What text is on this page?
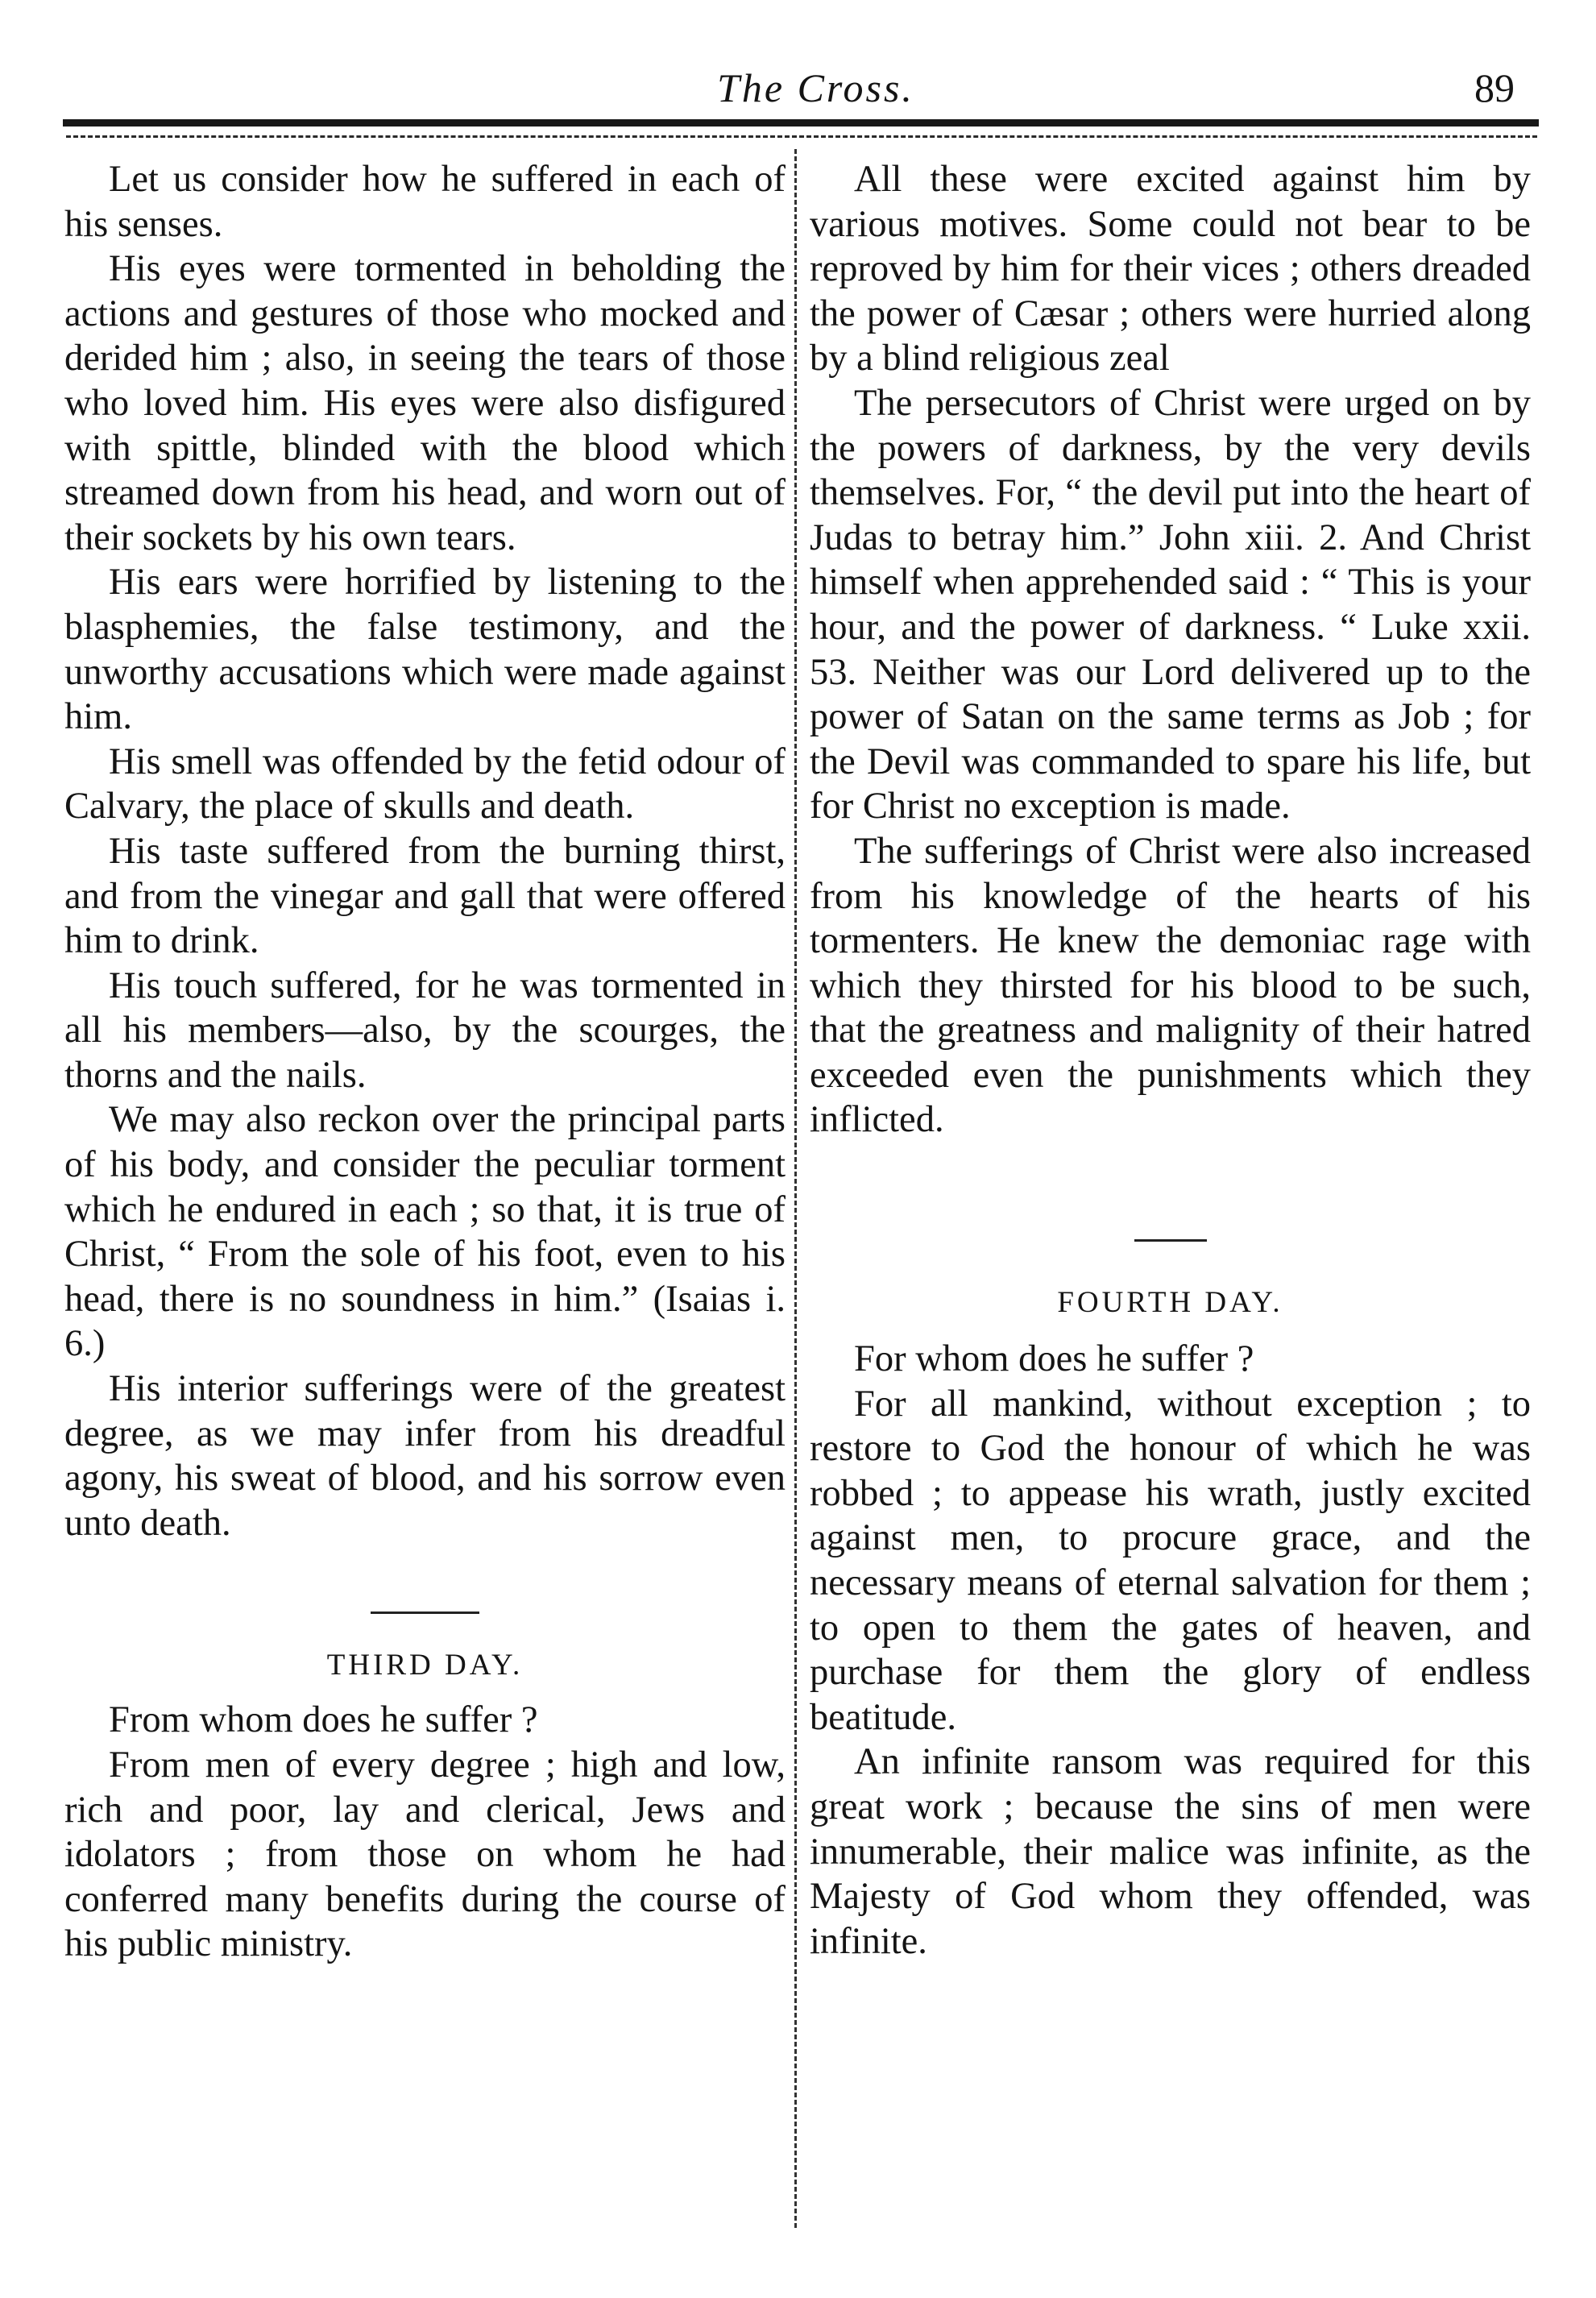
The Cross.	89

Let us consider how he suffered in each of his senses.

His eyes were tormented in beholding the actions and gestures of those who mocked and derided him ; also, in seeing the tears of those who loved him. His eyes were also disfigured with spittle, blinded with the blood which streamed down from his head, and worn out of their sockets by his own tears.

His ears were horrified by listening to the blasphemies, the false testimony, and the unworthy accusations which were made against him.

His smell was offended by the fetid odour of Calvary, the place of skulls and death.

His taste suffered from the burning thirst, and from the vinegar and gall that were offered him to drink.

His touch suffered, for he was tormented in all his members—also, by the scourges, the thorns and the nails.

We may also reckon over the principal parts of his body, and consider the peculiar torment which he endured in each ; so that, it is true of Christ, “ From the sole of his foot, even to his head, there is no soundness in him.” (Isaias i. 6.)

His interior sufferings were of the greatest degree, as we may infer from his dreadful agony, his sweat of blood, and his sorrow even unto death.

THIRD DAY.

From whom does he suffer ?

From men of every degree ; high and low, rich and poor, lay and clerical, Jews and idolators ; from those on whom he had conferred many benefits during the course of his public ministry.

All these were excited against him by various motives. Some could not bear to be reproved by him for their vices ; others dreaded the power of Cæsar ; others were hurried along by a blind religious zeal

The persecutors of Christ were urged on by the powers of darkness, by the very devils themselves. For, “ the devil put into the heart of Judas to betray him.” John xiii. 2. And Christ himself when apprehended said : “ This is your hour, and the power of darkness. “ Luke xxii. 53. Neither was our Lord delivered up to the power of Satan on the same terms as Job ; for the Devil was commanded to spare his life, but for Christ no exception is made.

The sufferings of Christ were also increased from his knowledge of the hearts of his tormenters. He knew the demoniac rage with which they thirsted for his blood to be such, that the greatness and malignity of their hatred exceeded even the punishments which they inflicted.

FOURTH DAY.

For whom does he suffer ?

For all mankind, without exception ; to restore to God the honour of which he was robbed ; to appease his wrath, justly excited against men, to procure grace, and the necessary means of eternal salvation for them ; to open to them the gates of heaven, and purchase for them the glory of endless beatitude.

An infinite ransom was required for this great work ; because the sins of men were innumerable, their malice was infinite, as the Majesty of God whom they offended, was infinite.
